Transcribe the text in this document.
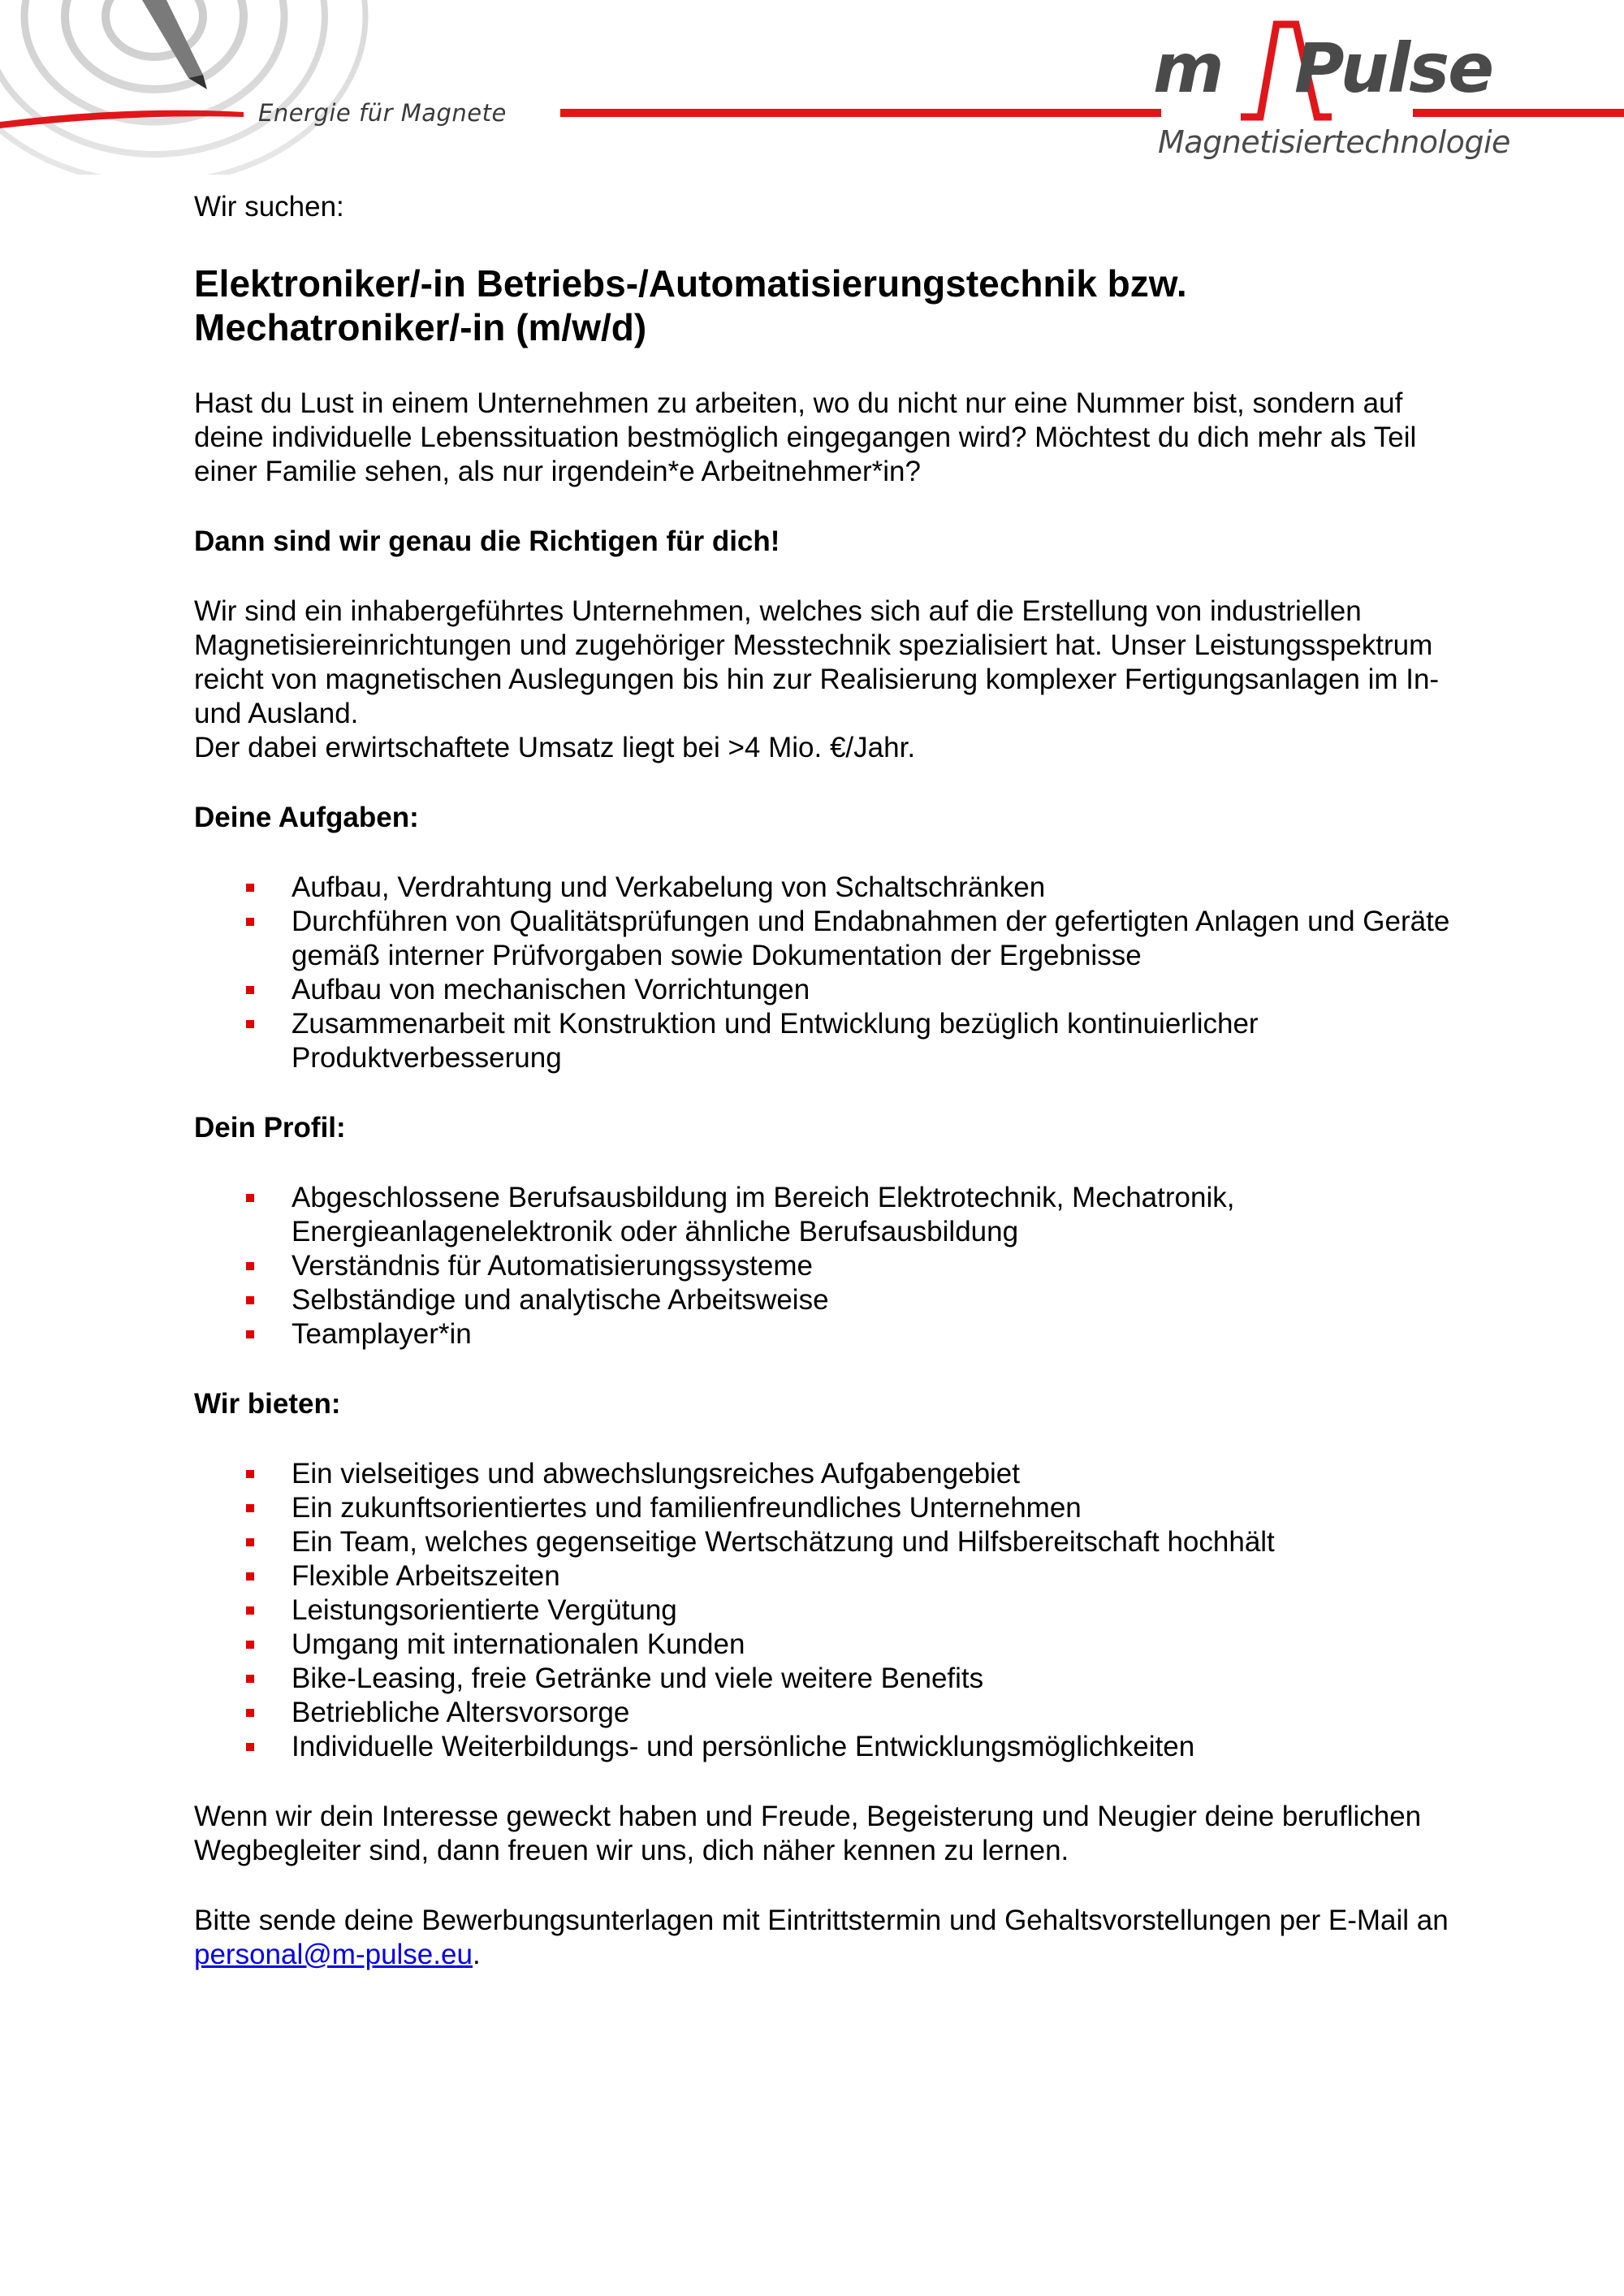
Energie für Magnete
m Pulse
Magnetisiertechnologie
Wir suchen:
Elektroniker/-in Betriebs-/Automatisierungstechnik bzw.
Mechatroniker/-in (m/w/d)

Hast du Lust in einem Unternehmen zu arbeiten, wo du nicht nur eine Nummer bist, sondern auf deine individuelle Lebenssituation bestmöglich eingegangen wird? Möchtest du dich mehr als Teil einer Familie sehen, als nur irgendein*e Arbeitnehmer*in?

Dann sind wir genau die Richtigen für dich!

Wir sind ein inhabergeführtes Unternehmen, welches sich auf die Erstellung von industriellen Magnetisiereinrichtungen und zugehöriger Messtechnik spezialisiert hat. Unser Leistungsspektrum reicht von magnetischen Auslegungen bis hin zur Realisierung komplexer Fertigungsanlagen im In- und Ausland.
Der dabei erwirtschaftete Umsatz liegt bei >4 Mio. €/Jahr.

Deine Aufgaben:
Aufbau, Verdrahtung und Verkabelung von Schaltschränken
Durchführen von Qualitätsprüfungen und Endabnahmen der gefertigten Anlagen und Geräte gemäß interner Prüfvorgaben sowie Dokumentation der Ergebnisse
Aufbau von mechanischen Vorrichtungen
Zusammenarbeit mit Konstruktion und Entwicklung bezüglich kontinuierlicher Produktverbesserung
Dein Profil:
Abgeschlossene Berufsausbildung im Bereich Elektrotechnik, Mechatronik, Energieanlagenelektronik oder ähnliche Berufsausbildung
Verständnis für Automatisierungssysteme
Selbständige und analytische Arbeitsweise
Teamplayer*in
Wir bieten:
Ein vielseitiges und abwechslungsreiches Aufgabengebiet
Ein zukunftsorientiertes und familienfreundliches Unternehmen
Ein Team, welches gegenseitige Wertschätzung und Hilfsbereitschaft hochhält
Flexible Arbeitszeiten
Leistungsorientierte Vergütung
Umgang mit internationalen Kunden
Bike-Leasing, freie Getränke und viele weitere Benefits
Betriebliche Altersvorsorge
Individuelle Weiterbildungs- und persönliche Entwicklungsmöglichkeiten

Wenn wir dein Interesse geweckt haben und Freude, Begeisterung und Neugier deine beruflichen Wegbegleiter sind, dann freuen wir uns, dich näher kennen zu lernen.

Bitte sende deine Bewerbungsunterlagen mit Eintrittstermin und Gehaltsvorstellungen per E-Mail an personal@m-pulse.eu.
